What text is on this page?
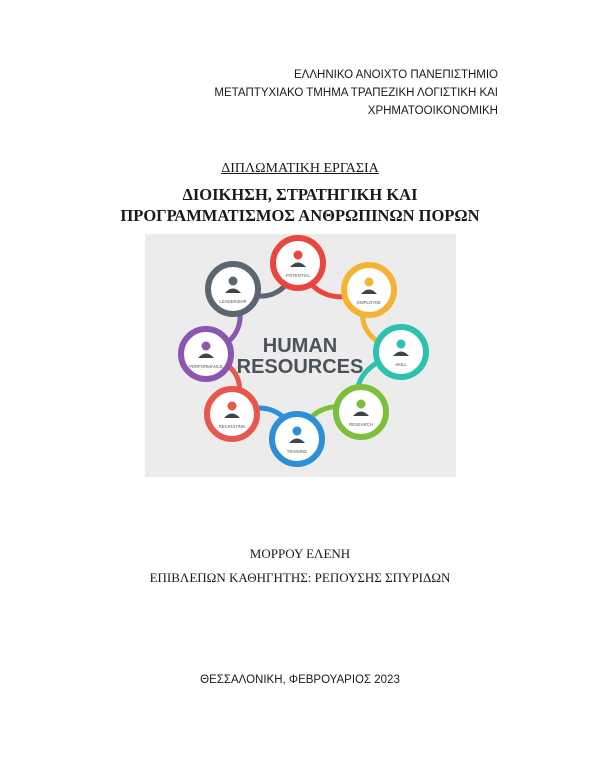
ΕΛΛΗΝΙΚΟ ΑΝΟΙΧΤΟ ΠΑΝΕΠΙΣΤΗΜΙΟ
ΜΕΤΑΠΤΥΧΙΑΚΟ ΤΜΗΜΑ ΤΡΑΠΕΖΙΚΗ ΛΟΓΙΣΤΙΚΗ ΚΑΙ
ΧΡΗΜΑΤΟΟΙΚΟΝΟΜΙΚΗ
ΔΙΠΛΩΜΑΤΙΚΗ ΕΡΓΑΣΙΑ
ΔΙΟΙΚΗΣΗ, ΣΤΡΑΤΗΓΙΚΗ ΚΑΙ
ΠΡΟΓΡΑΜΜΑΤΙΣΜΟΣ ΑΝΘΡΩΠΙΝΩΝ ΠΟΡΩΝ
POTENTIAL
EMPLOYEE
SKILL
RESEARCH
TRAINING
RECRUITING
PERFORMANCE
LEADERSHIP
HUMAN
RESOURCES
ΜΟΡΡΟΥ ΕΛΕΝΗ
ΕΠΙΒΛΕΠΩΝ ΚΑΘΗΓΗΤΗΣ: ΡΕΠΟΥΣΗΣ ΣΠΥΡΙΔΩΝ
ΘΕΣΣΑΛΟΝΙΚΗ, ΦΕΒΡΟΥΑΡΙΟΣ 2023
